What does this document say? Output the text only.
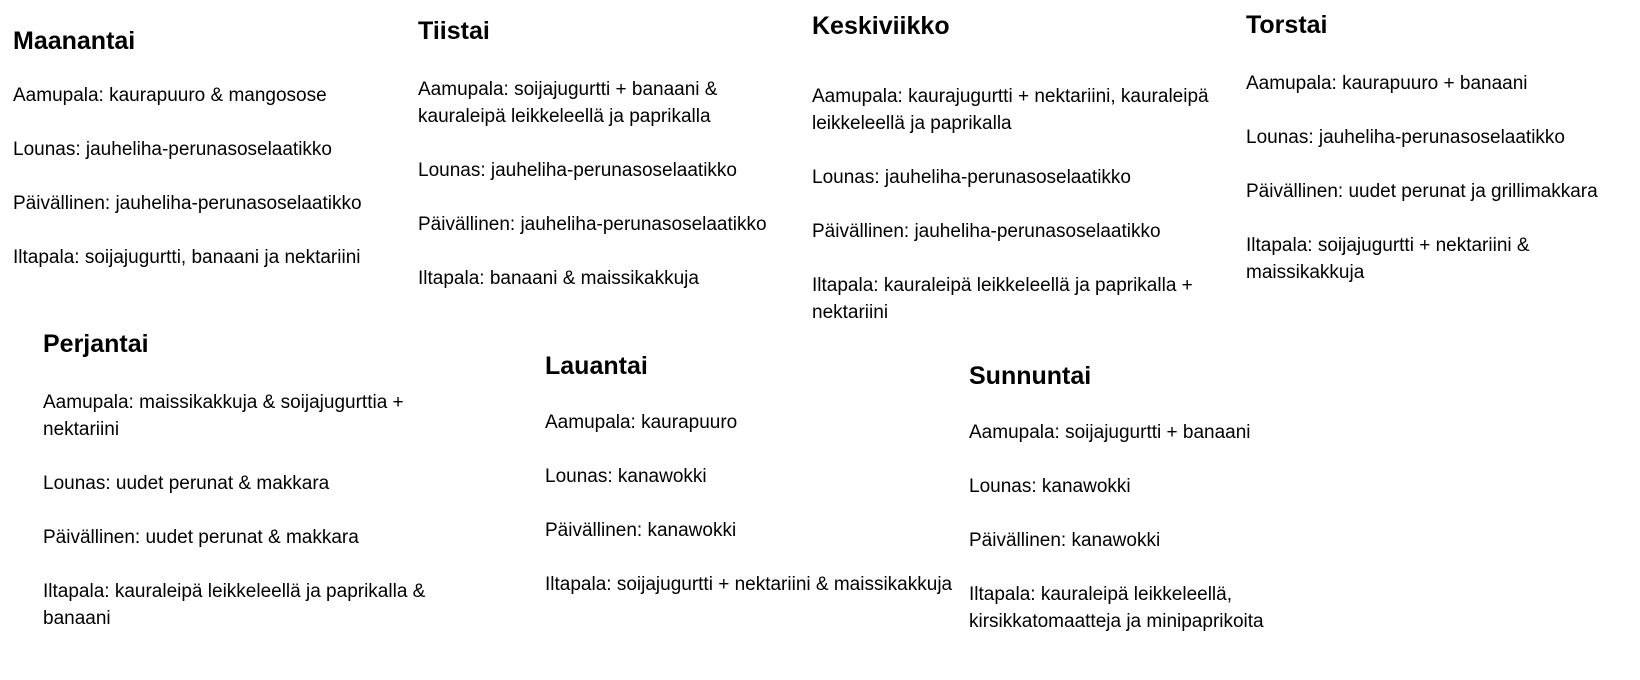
Maanantai

Aamupala: kaurapuuro & mangosose

Lounas: jauheliha-perunasoselaatikko

Päivällinen: jauheliha-perunasoselaatikko

Iltapala: soijajugurtti, banaani ja nektariini

Tiistai

Aamupala: soijajugurtti + banaani & kauraleipä leikkeleellä ja paprikalla

Lounas: jauheliha-perunasoselaatikko

Päivällinen: jauheliha-perunasoselaatikko

Iltapala: banaani & maissikakkuja

Keskiviikko

Aamupala: kaurajugurtti + nektariini, kauraleipä leikkeleellä ja paprikalla

Lounas: jauheliha-perunasoselaatikko

Päivällinen: jauheliha-perunasoselaatikko

Iltapala: kauraleipä leikkeleellä ja paprikalla + nektariini

Torstai

Aamupala: kaurapuuro + banaani

Lounas: jauheliha-perunasoselaatikko

Päivällinen: uudet perunat ja grillimakkara

Iltapala: soijajugurtti + nektariini & maissikakkuja

Perjantai

Aamupala: maissikakkuja & soijajugurttia + nektariini

Lounas: uudet perunat & makkara

Päivällinen: uudet perunat & makkara

Iltapala: kauraleipä leikkeleellä ja paprikalla & banaani

Lauantai

Aamupala: kaurapuuro

Lounas: kanawokki

Päivällinen: kanawokki

Iltapala: soijajugurtti + nektariini & maissikakkuja

Sunnuntai

Aamupala: soijajugurtti + banaani

Lounas: kanawokki

Päivällinen: kanawokki

Iltapala: kauraleipä leikkeleellä, kirsikkatomaatteja ja minipaprikoita
